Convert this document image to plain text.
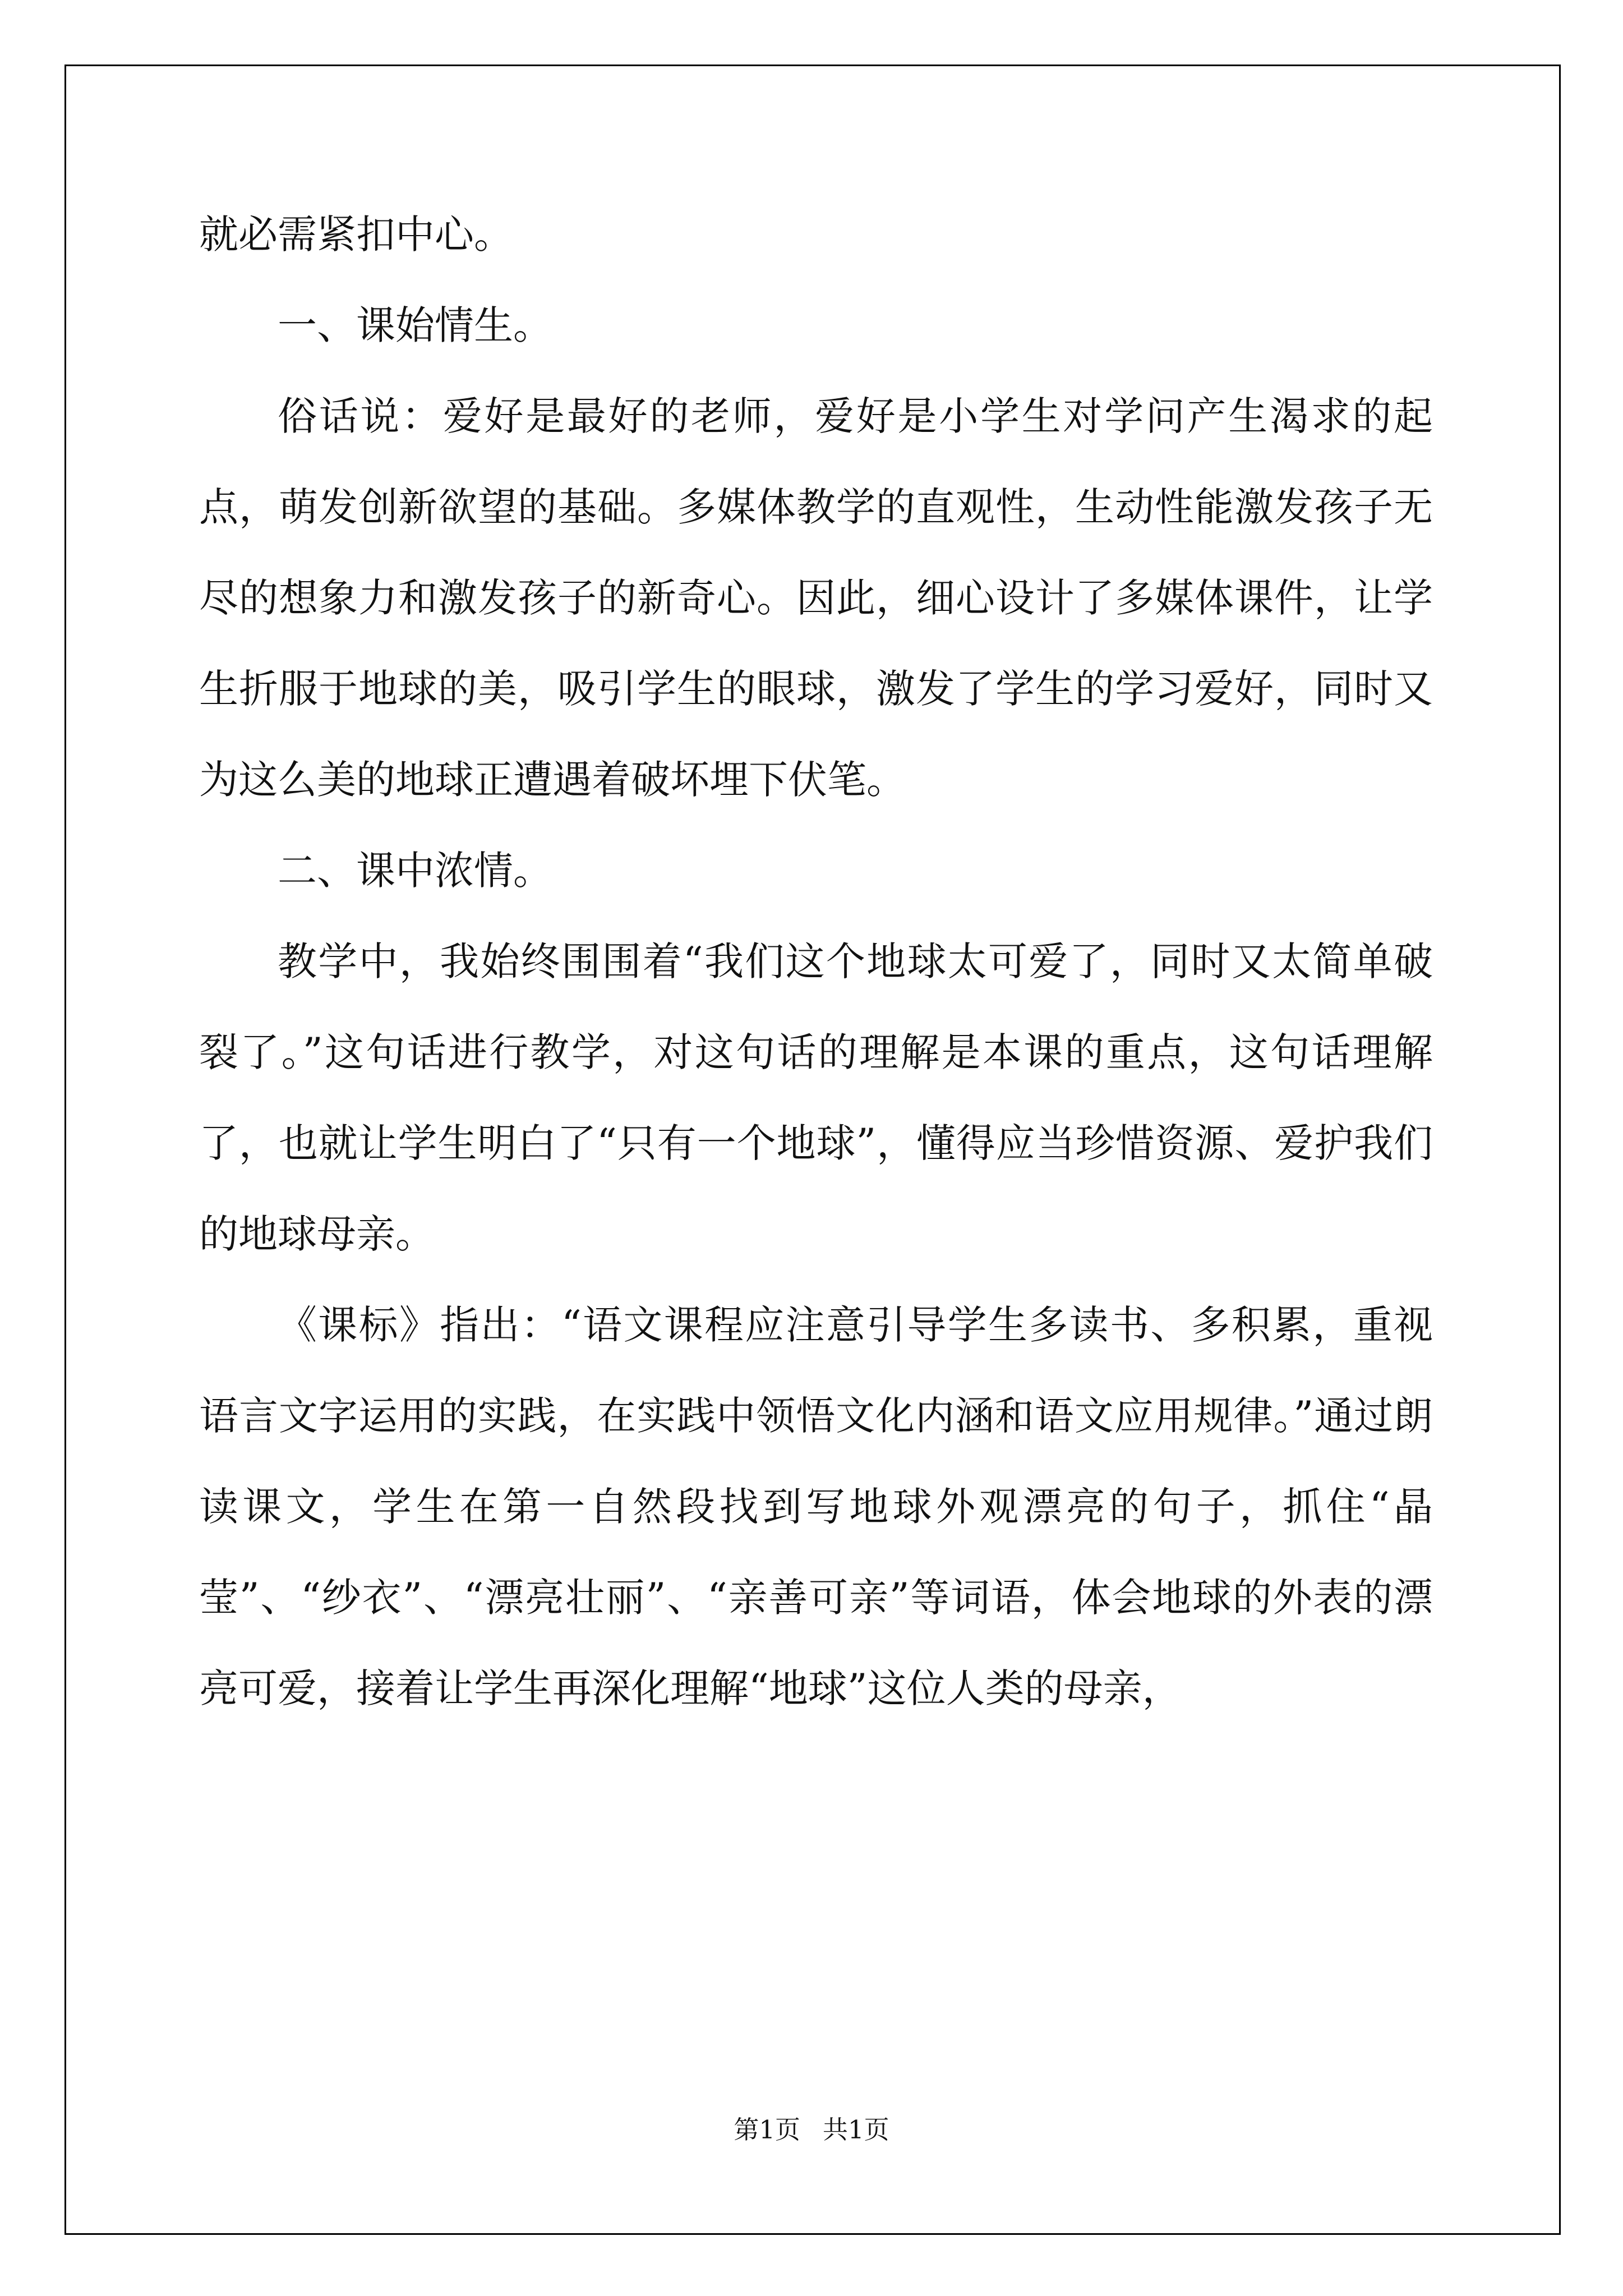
就必需紧扣中心。

一、课始情生。

俗话说：爱好是最好的老师，爱好是小学生对学问产生渴求的起点，萌发创新欲望的基础。多媒体教学的直观性，生动性能激发孩子无尽的想象力和激发孩子的新奇心。因此，细心设计了多媒体课件，让学生折服于地球的美，吸引学生的眼球，激发了学生的学习爱好，同时又为这么美的地球正遭遇着破坏埋下伏笔。

二、课中浓情。

教学中，我始终围围着“我们这个地球太可爱了，同时又太简单破裂了。”这句话进行教学，对这句话的理解是本课的重点，这句话理解了，也就让学生明白了“只有一个地球”，懂得应当珍惜资源、爱护我们的地球母亲。

《课标》指出：“语文课程应注意引导学生多读书、多积累，重视语言文字运用的实践，在实践中领悟文化内涵和语文应用规律。”通过朗读课文，学生在第一自然段找到写地球外观漂亮的句子，抓住“晶莹”、“纱衣”、“漂亮壮丽”、“亲善可亲”等词语，体会地球的外表的漂亮可爱，接着让学生再深化理解“地球”这位人类的母亲，

第1页 共1页
